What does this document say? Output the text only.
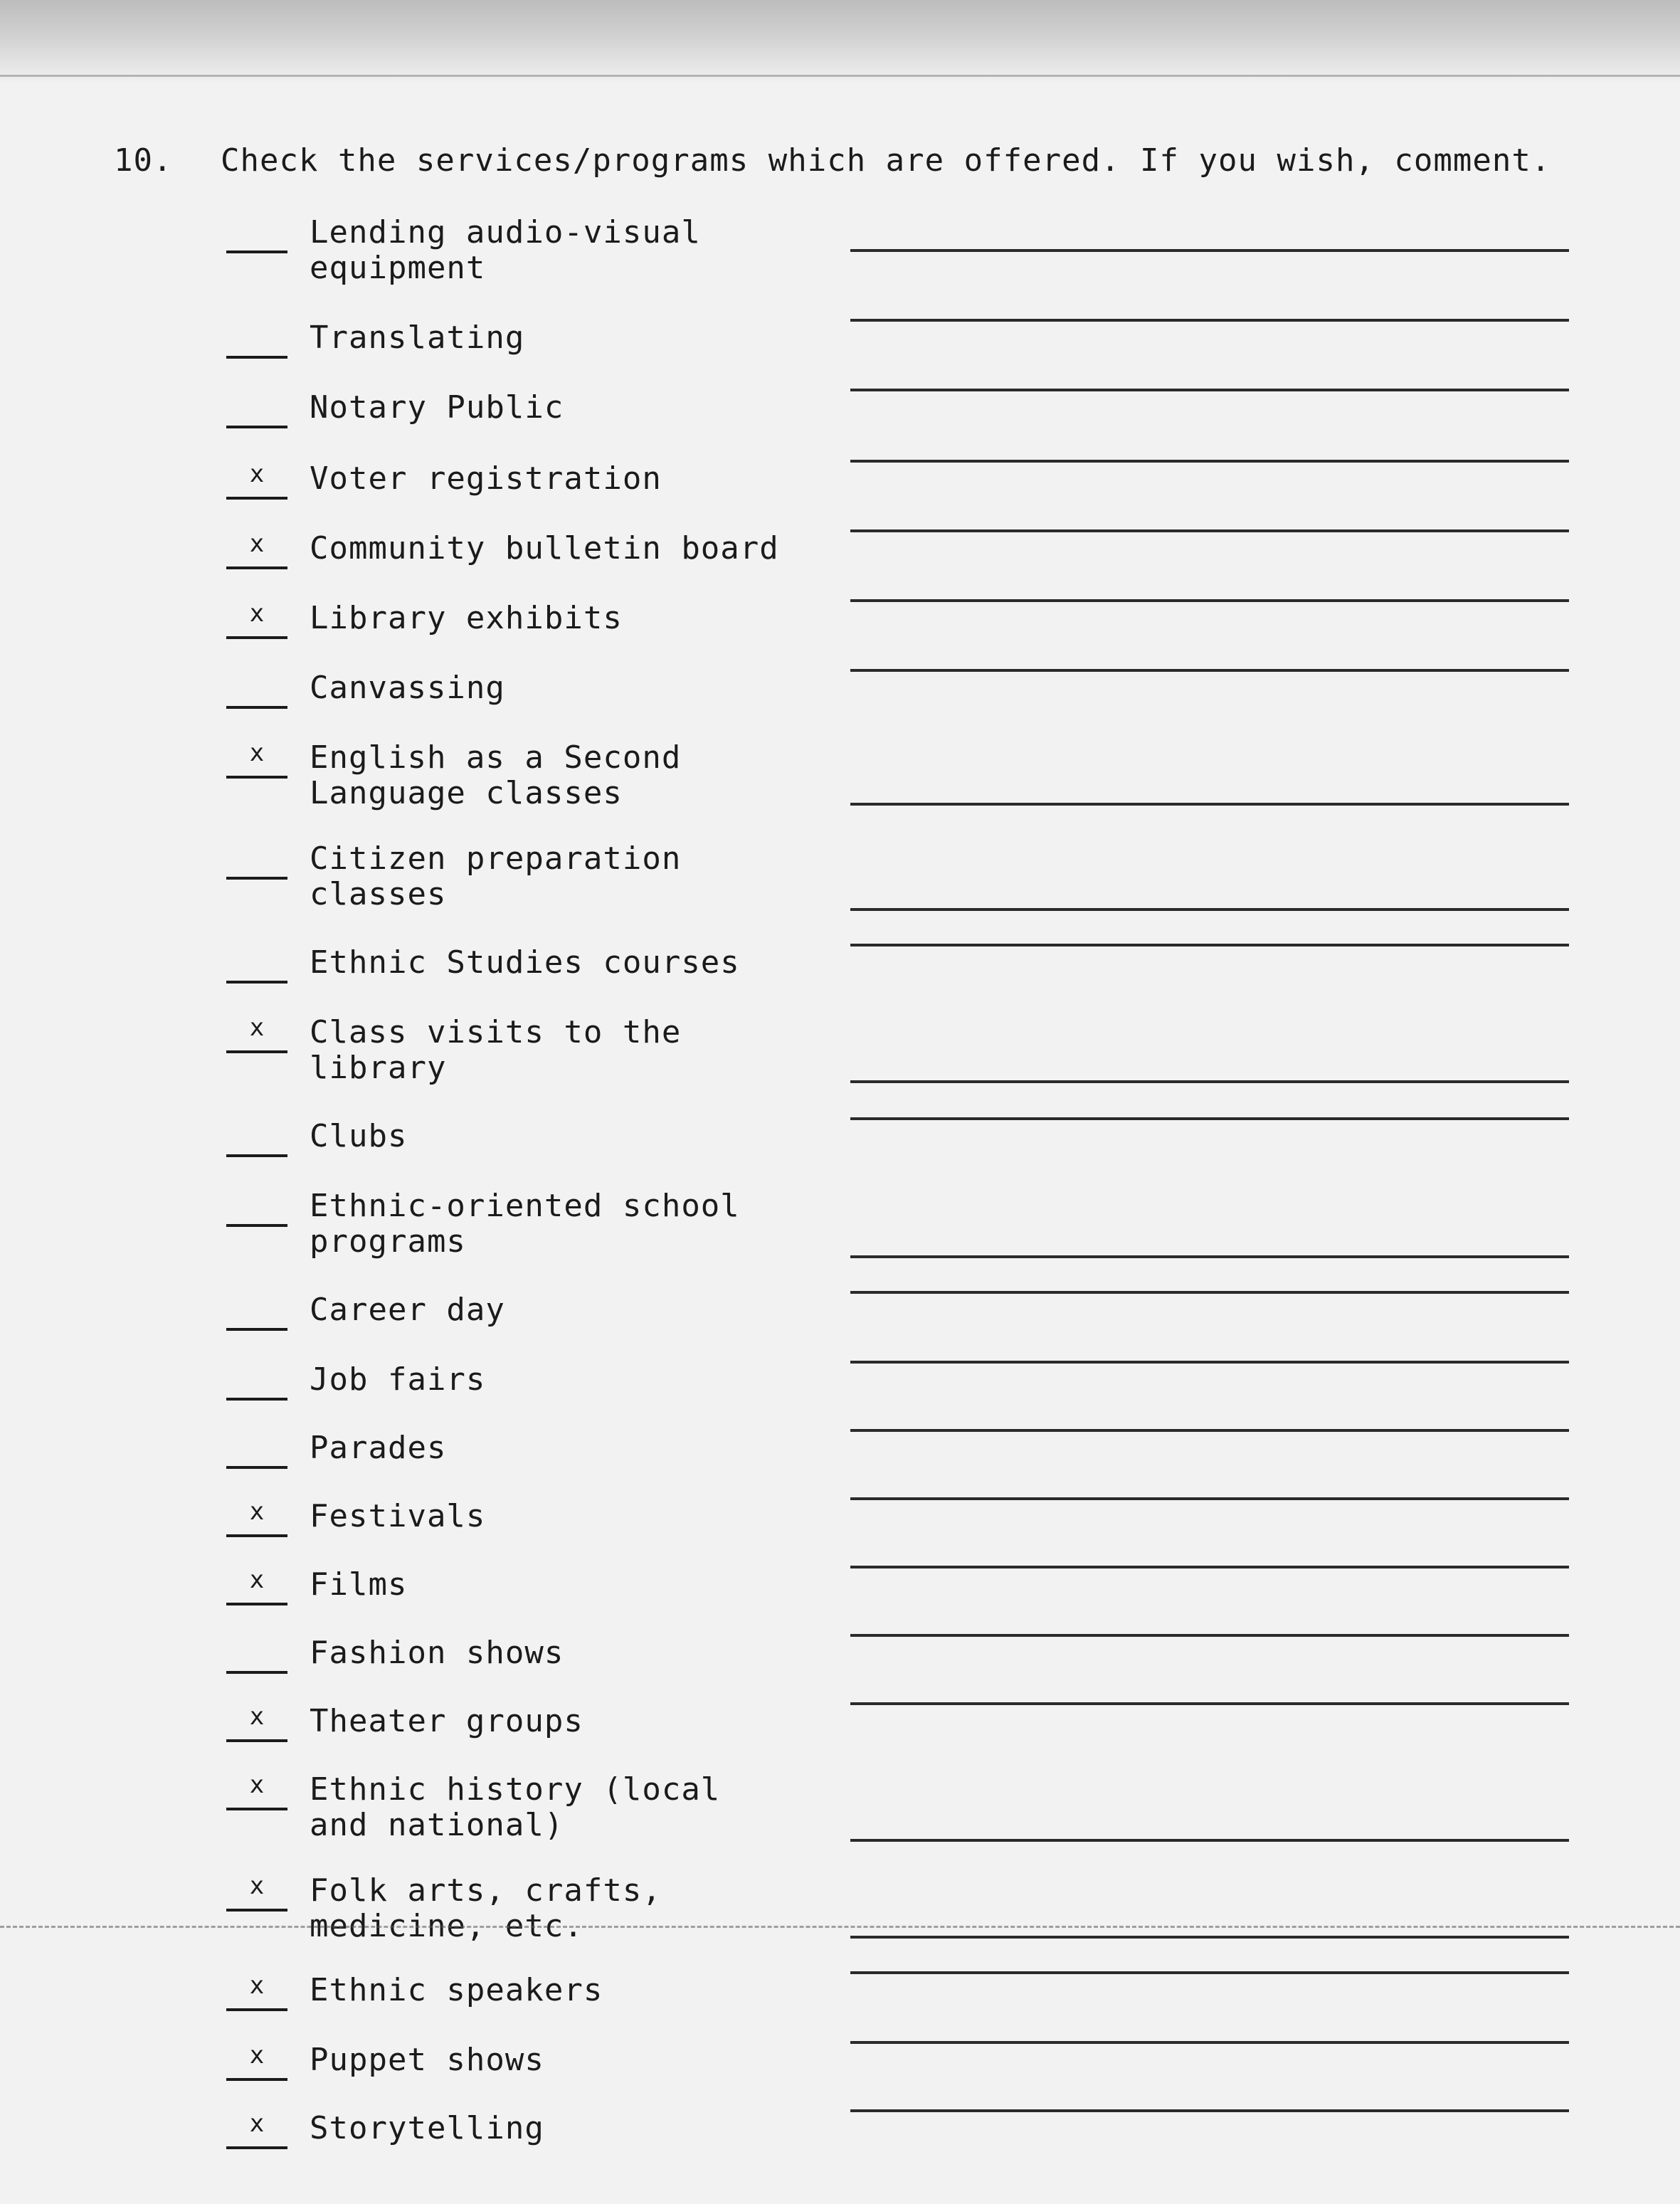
10. Check the services/programs which are offered. If you wish, comment.
Lending audio-visual
equipment
Translating
Notary Public
x	Voter registration
x	Community bulletin board
x	Library exhibits
Canvassing
x	English as a Second
Language classes
Citizen preparation
classes
Ethnic Studies courses
x	Class visits to the
library
Clubs
Ethnic-oriented school
programs
Career day
Job fairs
Parades
x	Festivals
x	Films
Fashion shows
x	Theater groups
x	Ethnic history (local
and national)
x	Folk arts, crafts,
medicine, etc.
x	Ethnic speakers
x	Puppet shows
x	Storytelling
